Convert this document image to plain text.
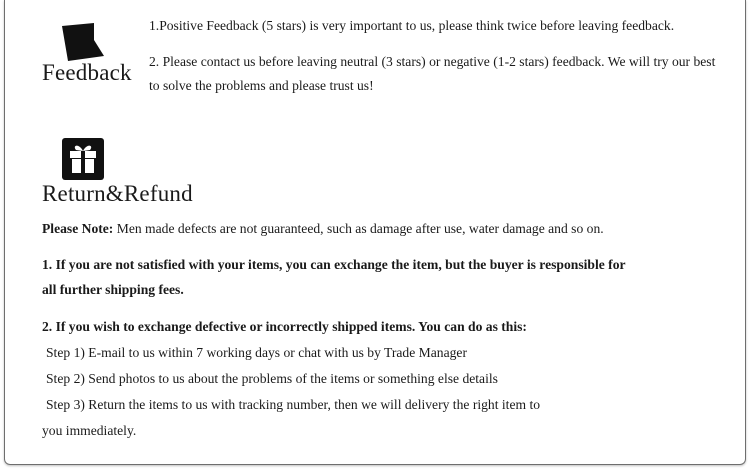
Feedback
1.Positive Feedback (5 stars) is very important to us, please think twice before leaving feedback.
2. Please contact us before leaving neutral (3 stars) or negative (1-2 stars) feedback. We will try our best to solve the problems and please trust us!
Return&Refund
Please Note: Men made defects are not guaranteed, such as damage after use, water damage and so on.
1. If you are not satisfied with your items, you can exchange the item, but the buyer is responsible for
all further shipping fees.
2. If you wish to exchange defective or incorrectly shipped items. You can do as this:
Step 1) E-mail to us within 7 working days or chat with us by Trade Manager
Step 2) Send photos to us about the problems of the items or something else details
Step 3) Return the items to us with tracking number, then we will delivery the right item to
you immediately.
